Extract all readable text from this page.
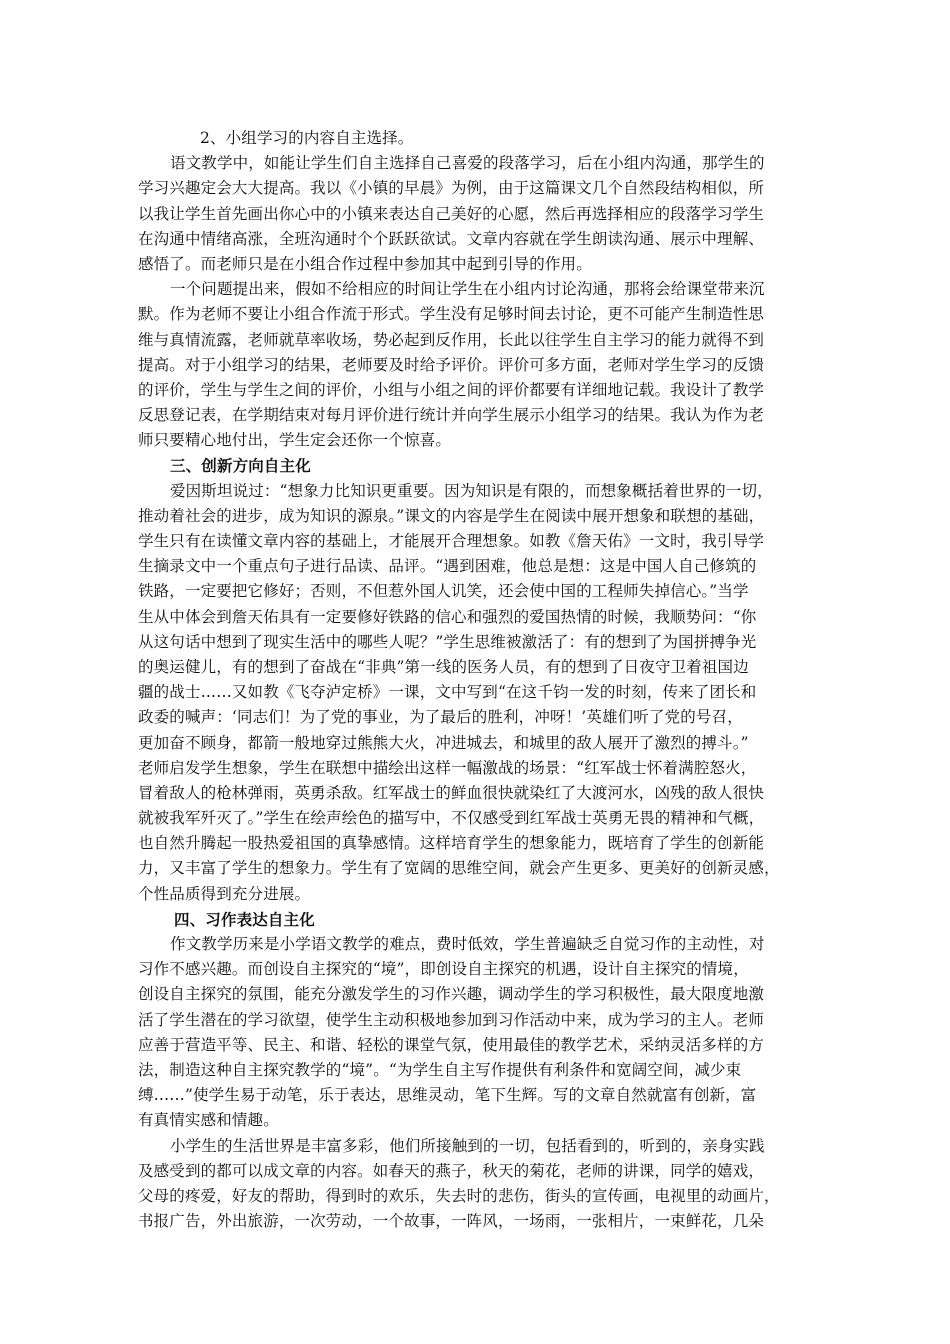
2、小组学习的内容自主选择。
语文教学中，如能让学生们自主选择自己喜爱的段落学习，后在小组内沟通，那学生的
学习兴趣定会大大提高。我以《小镇的早晨》为例，由于这篇课文几个自然段结构相似，所
以我让学生首先画出你心中的小镇来表达自己美好的心愿，然后再选择相应的段落学习学生
在沟通中情绪高涨，全班沟通时个个跃跃欲试。文章内容就在学生朗读沟通、展示中理解、
感悟了。而老师只是在小组合作过程中参加其中起到引导的作用。
一个问题提出来，假如不给相应的时间让学生在小组内讨论沟通，那将会给课堂带来沉
默。作为老师不要让小组合作流于形式。学生没有足够时间去讨论，更不可能产生制造性思
维与真情流露，老师就草率收场，势必起到反作用，长此以往学生自主学习的能力就得不到
提高。对于小组学习的结果，老师要及时给予评价。评价可多方面，老师对学生学习的反馈
的评价，学生与学生之间的评价，小组与小组之间的评价都要有详细地记载。我设计了教学
反思登记表，在学期结束对每月评价进行统计并向学生展示小组学习的结果。我认为作为老
师只要精心地付出，学生定会还你一个惊喜。
三、创新方向自主化
爱因斯坦说过：“想象力比知识更重要。因为知识是有限的，而想象概括着世界的一切，
推动着社会的进步，成为知识的源泉。”课文的内容是学生在阅读中展开想象和联想的基础，
学生只有在读懂文章内容的基础上，才能展开合理想象。如教《詹天佑》一文时，我引导学
生摘录文中一个重点句子进行品读、品评。“遇到困难，他总是想：这是中国人自己修筑的
铁路，一定要把它修好；否则，不但惹外国人讥笑，还会使中国的工程师失掉信心。”当学
生从中体会到詹天佑具有一定要修好铁路的信心和强烈的爱国热情的时候，我顺势问：“你
从这句话中想到了现实生活中的哪些人呢？”学生思维被激活了：有的想到了为国拼搏争光
的奥运健儿，有的想到了奋战在“非典”第一线的医务人员，有的想到了日夜守卫着祖国边
疆的战士……又如教《飞夺泸定桥》一课，文中写到“在这千钧一发的时刻，传来了团长和
政委的喊声：‘同志们！为了党的事业，为了最后的胜利，冲呀！’英雄们听了党的号召，
更加奋不顾身，都箭一般地穿过熊熊大火，冲进城去，和城里的敌人展开了激烈的搏斗。”
老师启发学生想象，学生在联想中描绘出这样一幅激战的场景：“红军战士怀着满腔怒火，
冒着敌人的枪林弹雨，英勇杀敌。红军战士的鲜血很快就染红了大渡河水，凶残的敌人很快
就被我军歼灭了。”学生在绘声绘色的描写中，不仅感受到红军战士英勇无畏的精神和气概，
也自然升腾起一股热爱祖国的真挚感情。这样培育学生的想象能力，既培育了学生的创新能
力，又丰富了学生的想象力。学生有了宽阔的思维空间，就会产生更多、更美好的创新灵感，
个性品质得到充分进展。
四、习作表达自主化
作文教学历来是小学语文教学的难点，费时低效，学生普遍缺乏自觉习作的主动性，对
习作不感兴趣。而创设自主探究的“境”，即创设自主探究的机遇，设计自主探究的情境，
创设自主探究的氛围，能充分激发学生的习作兴趣，调动学生的学习积极性，最大限度地激
活了学生潜在的学习欲望，使学生主动积极地参加到习作活动中来，成为学习的主人。老师
应善于营造平等、民主、和谐、轻松的课堂气氛，使用最佳的教学艺术，采纳灵活多样的方
法，制造这种自主探究教学的“境”。“为学生自主写作提供有利条件和宽阔空间，减少束
缚……”使学生易于动笔，乐于表达，思维灵动，笔下生辉。写的文章自然就富有创新，富
有真情实感和情趣。
小学生的生活世界是丰富多彩，他们所接触到的一切，包括看到的，听到的，亲身实践
及感受到的都可以成文章的内容。如春天的燕子，秋天的菊花，老师的讲课，同学的嬉戏，
父母的疼爱，好友的帮助，得到时的欢乐，失去时的悲伤，街头的宣传画，电视里的动画片，
书报广告，外出旅游，一次劳动，一个故事，一阵风，一场雨，一张相片，一束鲜花，几朵
